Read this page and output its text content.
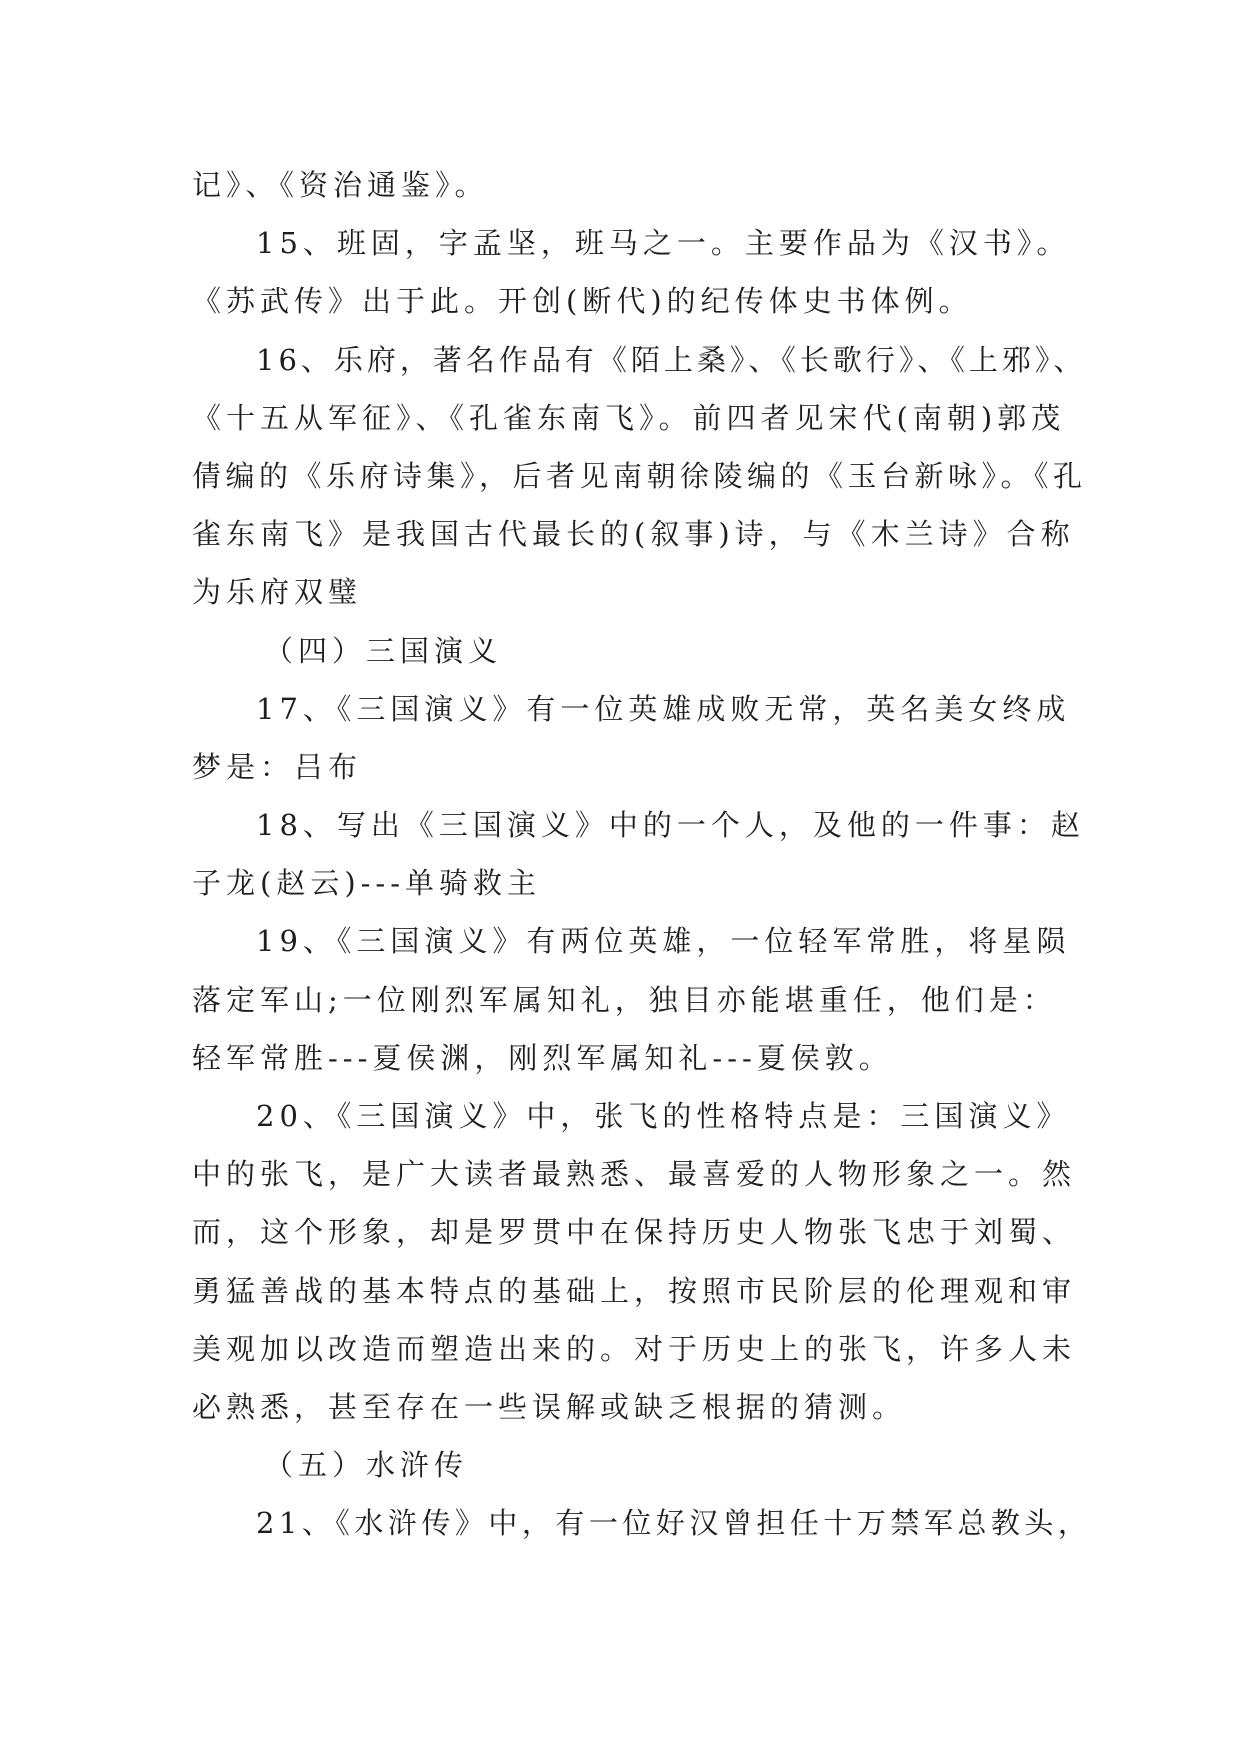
记》、《资治通鉴》。
15、班固，字孟坚，班马之一。主要作品为《汉书》。
《苏武传》出于此。开创(断代)的纪传体史书体例。
16、乐府，著名作品有《陌上桑》、《长歌行》、《上邪》、
《十五从军征》、《孔雀东南飞》。前四者见宋代(南朝)郭茂
倩编的《乐府诗集》，后者见南朝徐陵编的《玉台新咏》。《孔
雀东南飞》是我国古代最长的(叙事)诗，与《木兰诗》合称
为乐府双璧
（四）三国演义
17、《三国演义》有一位英雄成败无常，英名美女终成
梦是：吕布
18、写出《三国演义》中的一个人，及他的一件事：赵
子龙(赵云)---单骑救主
19、《三国演义》有两位英雄，一位轻军常胜，将星陨
落定军山;一位刚烈军属知礼，独目亦能堪重任，他们是：
轻军常胜---夏侯渊，刚烈军属知礼---夏侯敦。
20、《三国演义》中，张飞的性格特点是：三国演义》
中的张飞，是广大读者最熟悉、最喜爱的人物形象之一。然
而，这个形象，却是罗贯中在保持历史人物张飞忠于刘蜀、
勇猛善战的基本特点的基础上，按照市民阶层的伦理观和审
美观加以改造而塑造出来的。对于历史上的张飞，许多人未
必熟悉，甚至存在一些误解或缺乏根据的猜测。
（五）水浒传
21、《水浒传》中，有一位好汉曾担任十万禁军总教头，
